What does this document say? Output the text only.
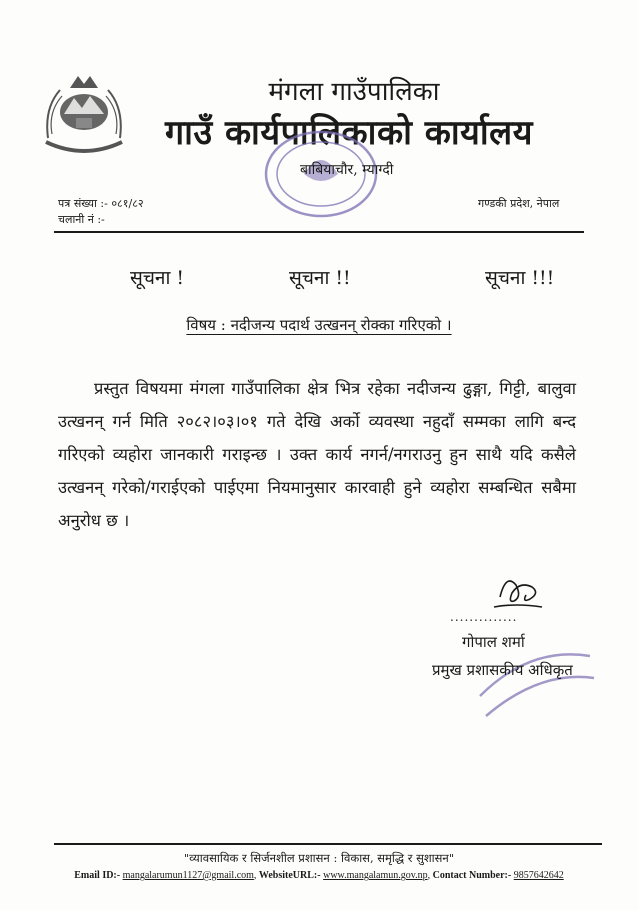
मंगला गाउँपालिका
गाउँ कार्यपालिकाको कार्यालय
बाबियाचौर, म्याग्दी
पत्र संख्या :- ०८१/८२
चलानी नं :-
गण्डकी प्रदेश, नेपाल
सूचना !	सूचना !!	सूचना !!!
विषय : नदीजन्य पदार्थ उत्खनन् रोक्का गरिएको ।
प्रस्तुत विषयमा मंगला गाउँपालिका क्षेत्र भित्र रहेका नदीजन्य ढुङ्गा, गिट्टी, बालुवा उत्खनन् गर्न मिति २०८२।०३।०१ गते देखि अर्को व्यवस्था नहुदाँ सम्मका लागि बन्द गरिएको व्यहोरा जानकारी गराइन्छ । उक्त कार्य नगर्न/नगराउनु हुन साथै यदि कसैले उत्खनन् गरेको/गराईएको पाईएमा नियमानुसार कारवाही हुने व्यहोरा सम्बन्धित सबैमा अनुरोध छ ।
..............
गोपाल शर्मा
प्रमुख प्रशासकीय अधिकृत
"व्यावसायिक र सिर्जनशील प्रशासन : विकास, समृद्धि र सुशासन"
Email ID:- mangalarumun1127@gmail.com, WebsiteURL:- www.mangalamun.gov.np, Contact Number:- 9857642642
